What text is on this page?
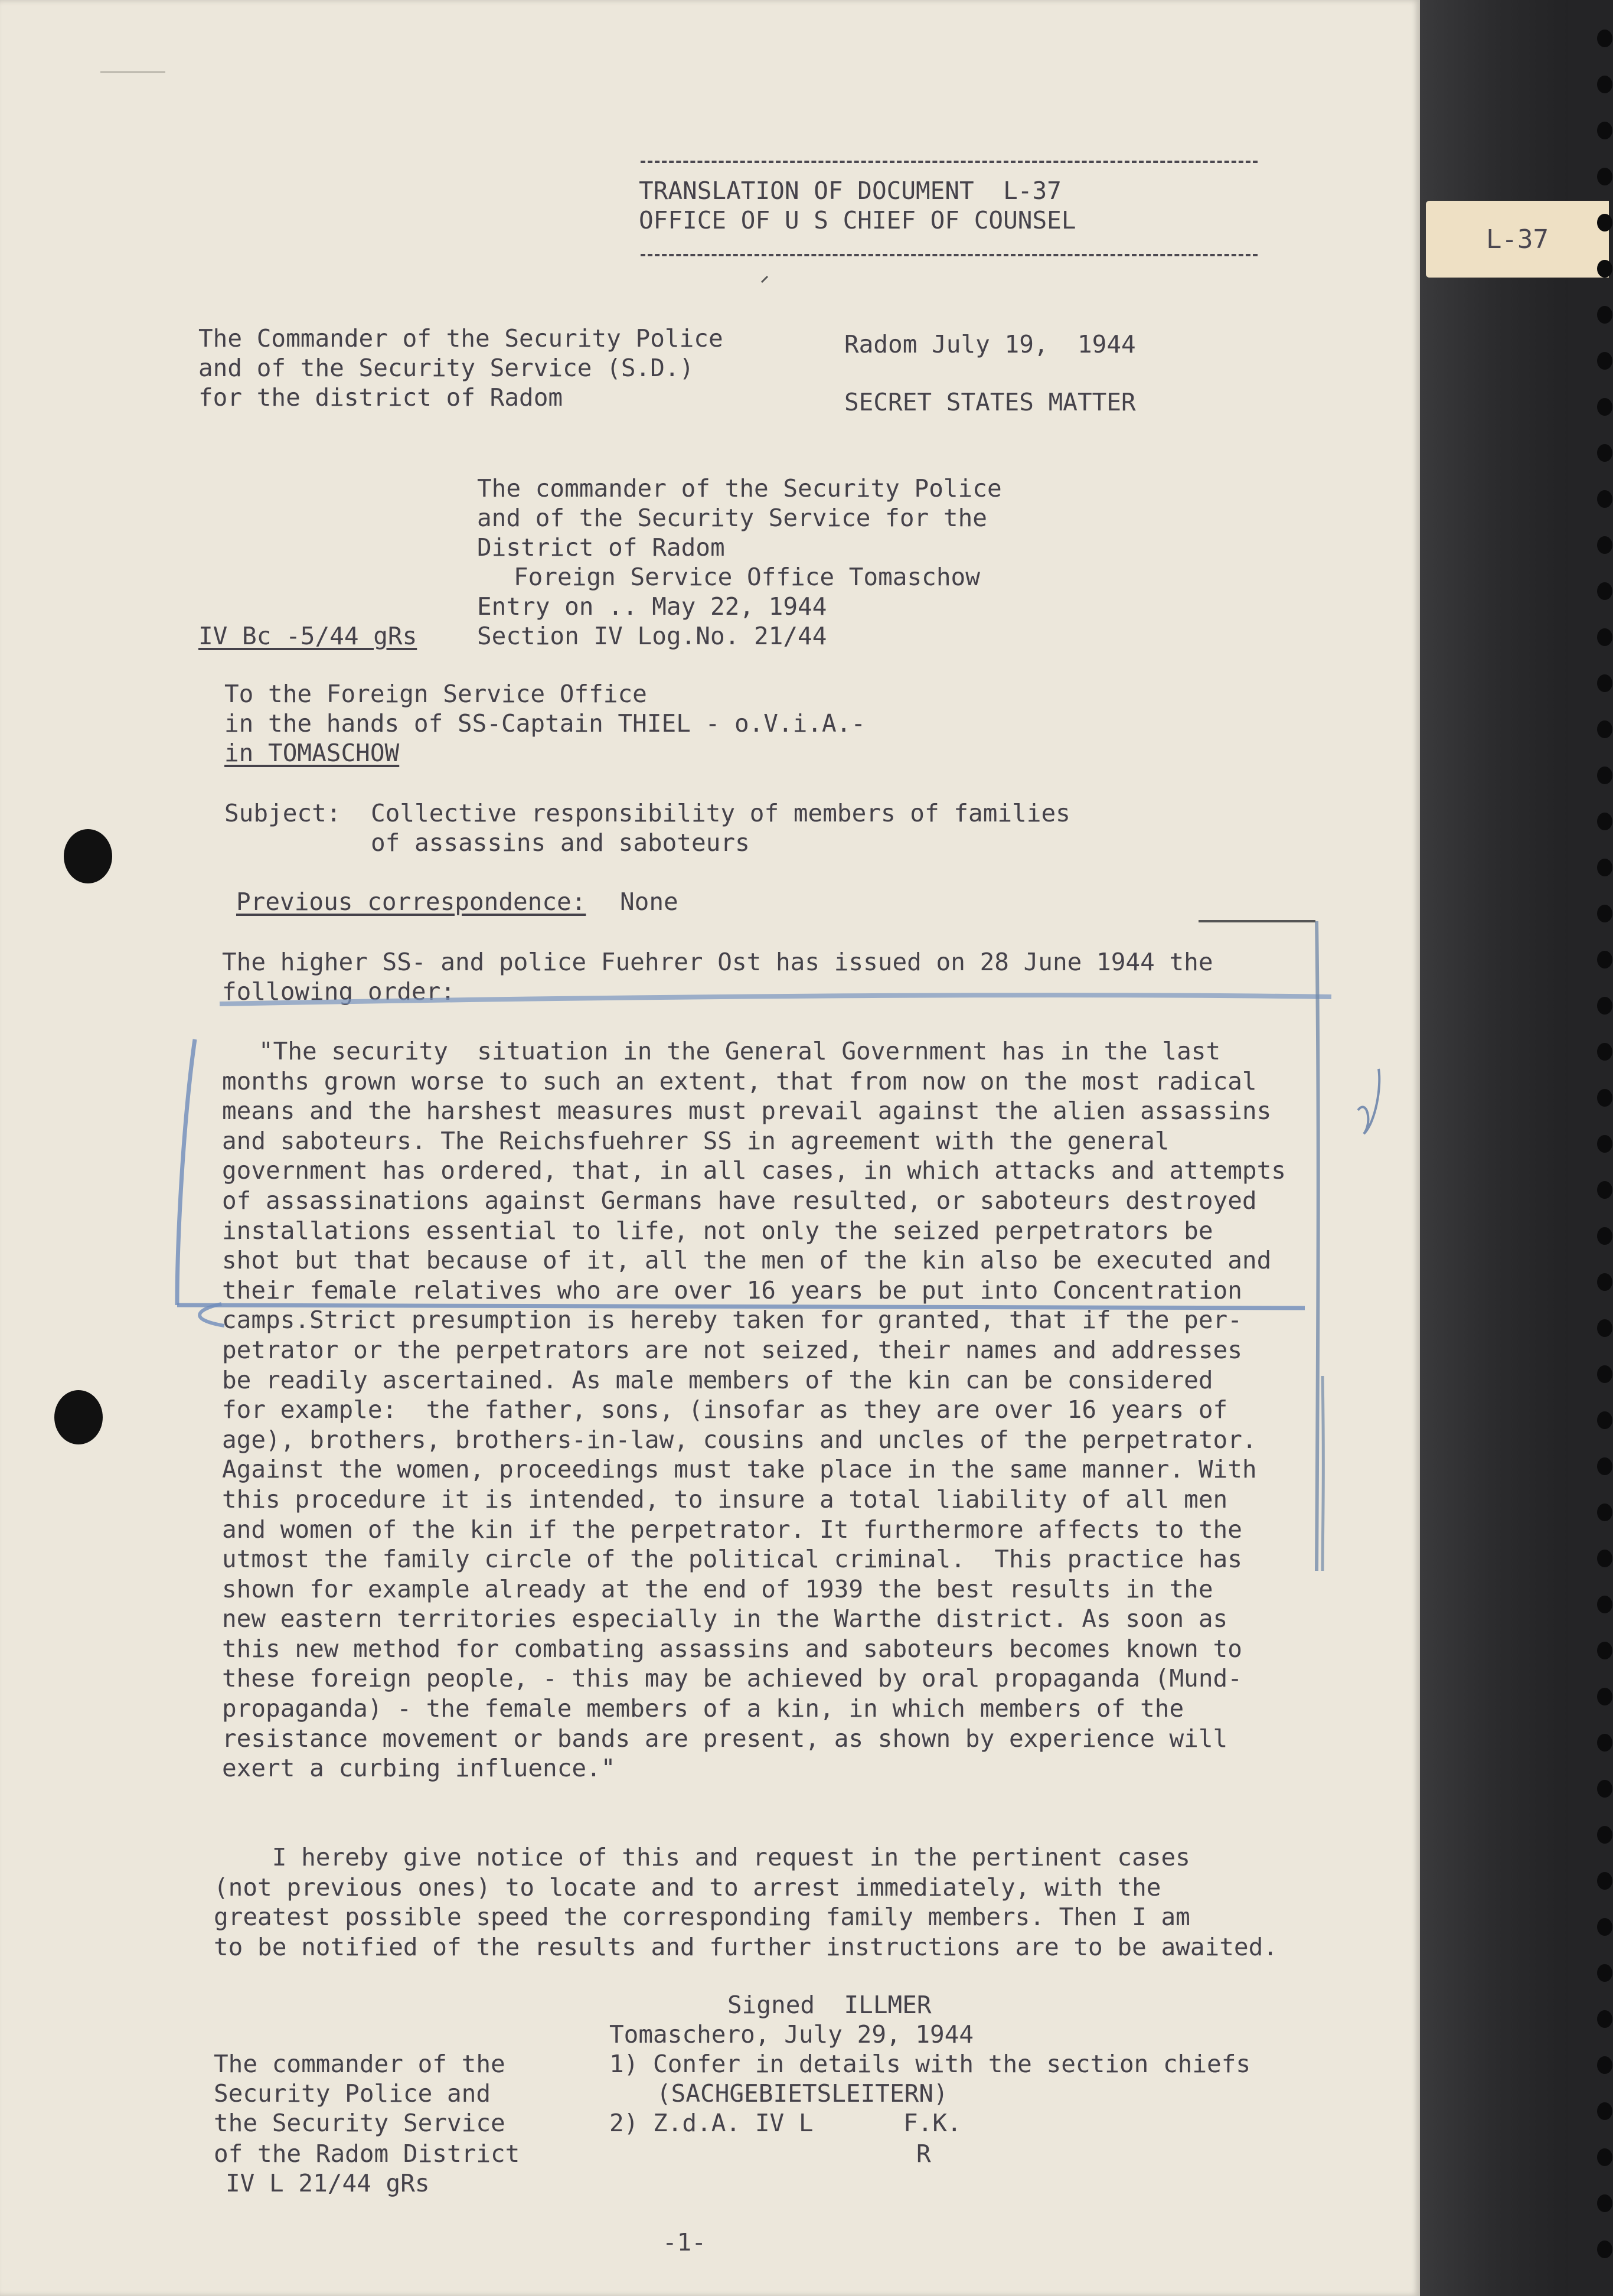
TRANSLATION OF DOCUMENT  L-37
OFFICE OF U S CHIEF OF COUNSEL
The Commander of the Security Police
and of the Security Service (S.D.)
for the district of Radom
Radom July 19,  1944
SECRET STATES MATTER
The commander of the Security Police
and of the Security Service for the
District of Radom
Foreign Service Office Tomaschow
Entry on .. May 22, 1944
Section IV Log.No. 21/44
IV Bc -5/44 gRs
To the Foreign Service Office
in the hands of SS-Captain THIEL - o.V.i.A.-
in TOMASCHOW
Subject: Collective responsibility of members of families
of assassins and saboteurs
Previous correspondence: None
The higher SS- and police Fuehrer Ost has issued on 28 June 1944 the
following order:
"The security  situation in the General Government has in the last
months grown worse to such an extent, that from now on the most radical
means and the harshest measures must prevail against the alien assassins
and saboteurs. The Reichsfuehrer SS in agreement with the general
government has ordered, that, in all cases, in which attacks and attempts
of assassinations against Germans have resulted, or saboteurs destroyed
installations essential to life, not only the seized perpetrators be
shot but that because of it, all the men of the kin also be executed and
their female relatives who are over 16 years be put into Concentration
camps.Strict presumption is hereby taken for granted, that if the per-
petrator or the perpetrators are not seized, their names and addresses
be readily ascertained. As male members of the kin can be considered
for example:  the father, sons, (insofar as they are over 16 years of
age), brothers, brothers-in-law, cousins and uncles of the perpetrator.
Against the women, proceedings must take place in the same manner. With
this procedure it is intended, to insure a total liability of all men
and women of the kin if the perpetrator. It furthermore affects to the
utmost the family circle of the political criminal.  This practice has
shown for example already at the end of 1939 the best results in the
new eastern territories especially in the Warthe district. As soon as
this new method for combating assassins and saboteurs becomes known to
these foreign people, - this may be achieved by oral propaganda (Mund-
propaganda) - the female members of a kin, in which members of the
resistance movement or bands are present, as shown by experience will
exert a curbing influence."
I hereby give notice of this and request in the pertinent cases
(not previous ones) to locate and to arrest immediately, with the
greatest possible speed the corresponding family members. Then I am
to be notified of the results and further instructions are to be awaited.
Signed  ILLMER
Tomaschero, July 29, 1944
1) Confer in details with the section chiefs
(SACHGEBIETSLEITERN)
2) Z.d.A. IV L	F.K.
R
The commander of the
Security Police and
the Security Service
of the Radom District
IV L 21/44 gRs
-1-
L-37
